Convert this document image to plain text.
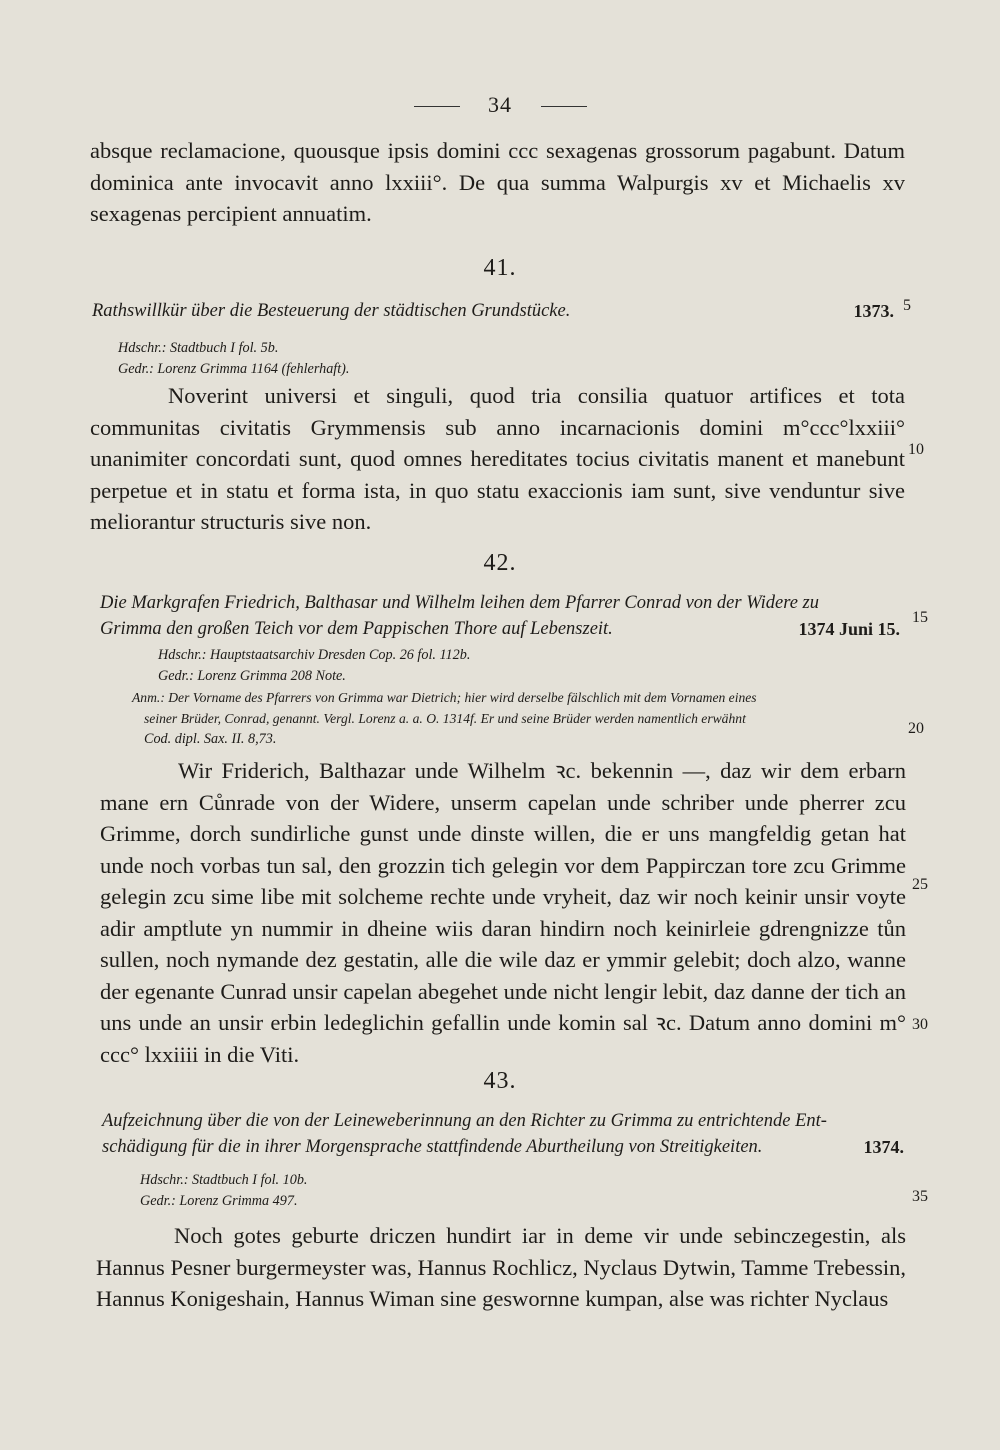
34
absque reclamacione, quousque ipsis domini ccc sexagenas grossorum pagabunt. Datum dominica ante invocavit anno lxxiii°. De qua summa Walpurgis xv et Michaelis xv sexagenas percipient annuatim.
41.
Rathswillkür über die Besteuerung der städtischen Grundstücke.	1373.
Hdschr.: Stadtbuch I fol. 5b.
Gedr.: Lorenz Grimma 1164 (fehlerhaft).
Noverint universi et singuli, quod tria consilia quatuor artifices et tota communitas civitatis Grymmensis sub anno incarnacionis domini m°ccc°lxxiii° unanimiter concordati sunt, quod omnes hereditates tocius civitatis manent et manebunt perpetue et in statu et forma ista, in quo statu exaccionis iam sunt, sive venduntur sive meliorantur structuris sive non.
42.
Die Markgrafen Friedrich, Balthasar und Wilhelm leihen dem Pfarrer Conrad von der Widere zu
Grimma den großen Teich vor dem Pappischen Thore auf Lebenszeit.	1374 Juni 15.
Hdschr.: Hauptstaatsarchiv Dresden Cop. 26 fol. 112b.
Gedr.: Lorenz Grimma 208 Note.
Anm.: Der Vorname des Pfarrers von Grimma war Dietrich; hier wird derselbe fälschlich mit dem Vornamen eines
seiner Brüder, Conrad, genannt. Vergl. Lorenz a. a. O. 1314f. Er und seine Brüder werden namentlich erwähnt
Cod. dipl. Sax. II. 8,73.
Wir Friderich, Balthazar unde Wilhelm ꝛc. bekennin —, daz wir dem erbarn mane ern Cůnrade von der Widere, unserm capelan unde schriber unde pherrer zcu Grimme, dorch sundirliche gunst unde dinste willen, die er uns mangfeldig getan hat unde noch vorbas tun sal, den grozzin tich gelegin vor dem Pappirczan tore zcu Grimme gelegin zcu sime libe mit solcheme rechte unde vryheit, daz wir noch keinir unsir voyte adir amptlute yn nummir in dheine wiis daran hindirn noch keinirleie gdrengnizze tůn sullen, noch nymande dez gestatin, alle die wile daz er ymmir gelebit; doch alzo, wanne der egenante Cunrad unsir capelan abegehet unde nicht lengir lebit, daz danne der tich an uns unde an unsir erbin ledeglichin gefallin unde komin sal ꝛc. Datum anno domini m° ccc° lxxiiii in die Viti.
43.
Aufzeichnung über die von der Leineweberinnung an den Richter zu Grimma zu entrichtende Ent-
schädigung für die in ihrer Morgensprache stattfindende Aburtheilung von Streitigkeiten.	1374.
Hdschr.: Stadtbuch I fol. 10b.
Gedr.: Lorenz Grimma 497.
Noch gotes geburte driczen hundirt iar in deme vir unde sebinczegestin, als Hannus Pesner burgermeyster was, Hannus Rochlicz, Nyclaus Dytwin, Tamme Trebessin, Hannus Konigeshain, Hannus Wiman sine geswornne kumpan, alse was richter Nyclaus
5
10
15
20
25
30
35
